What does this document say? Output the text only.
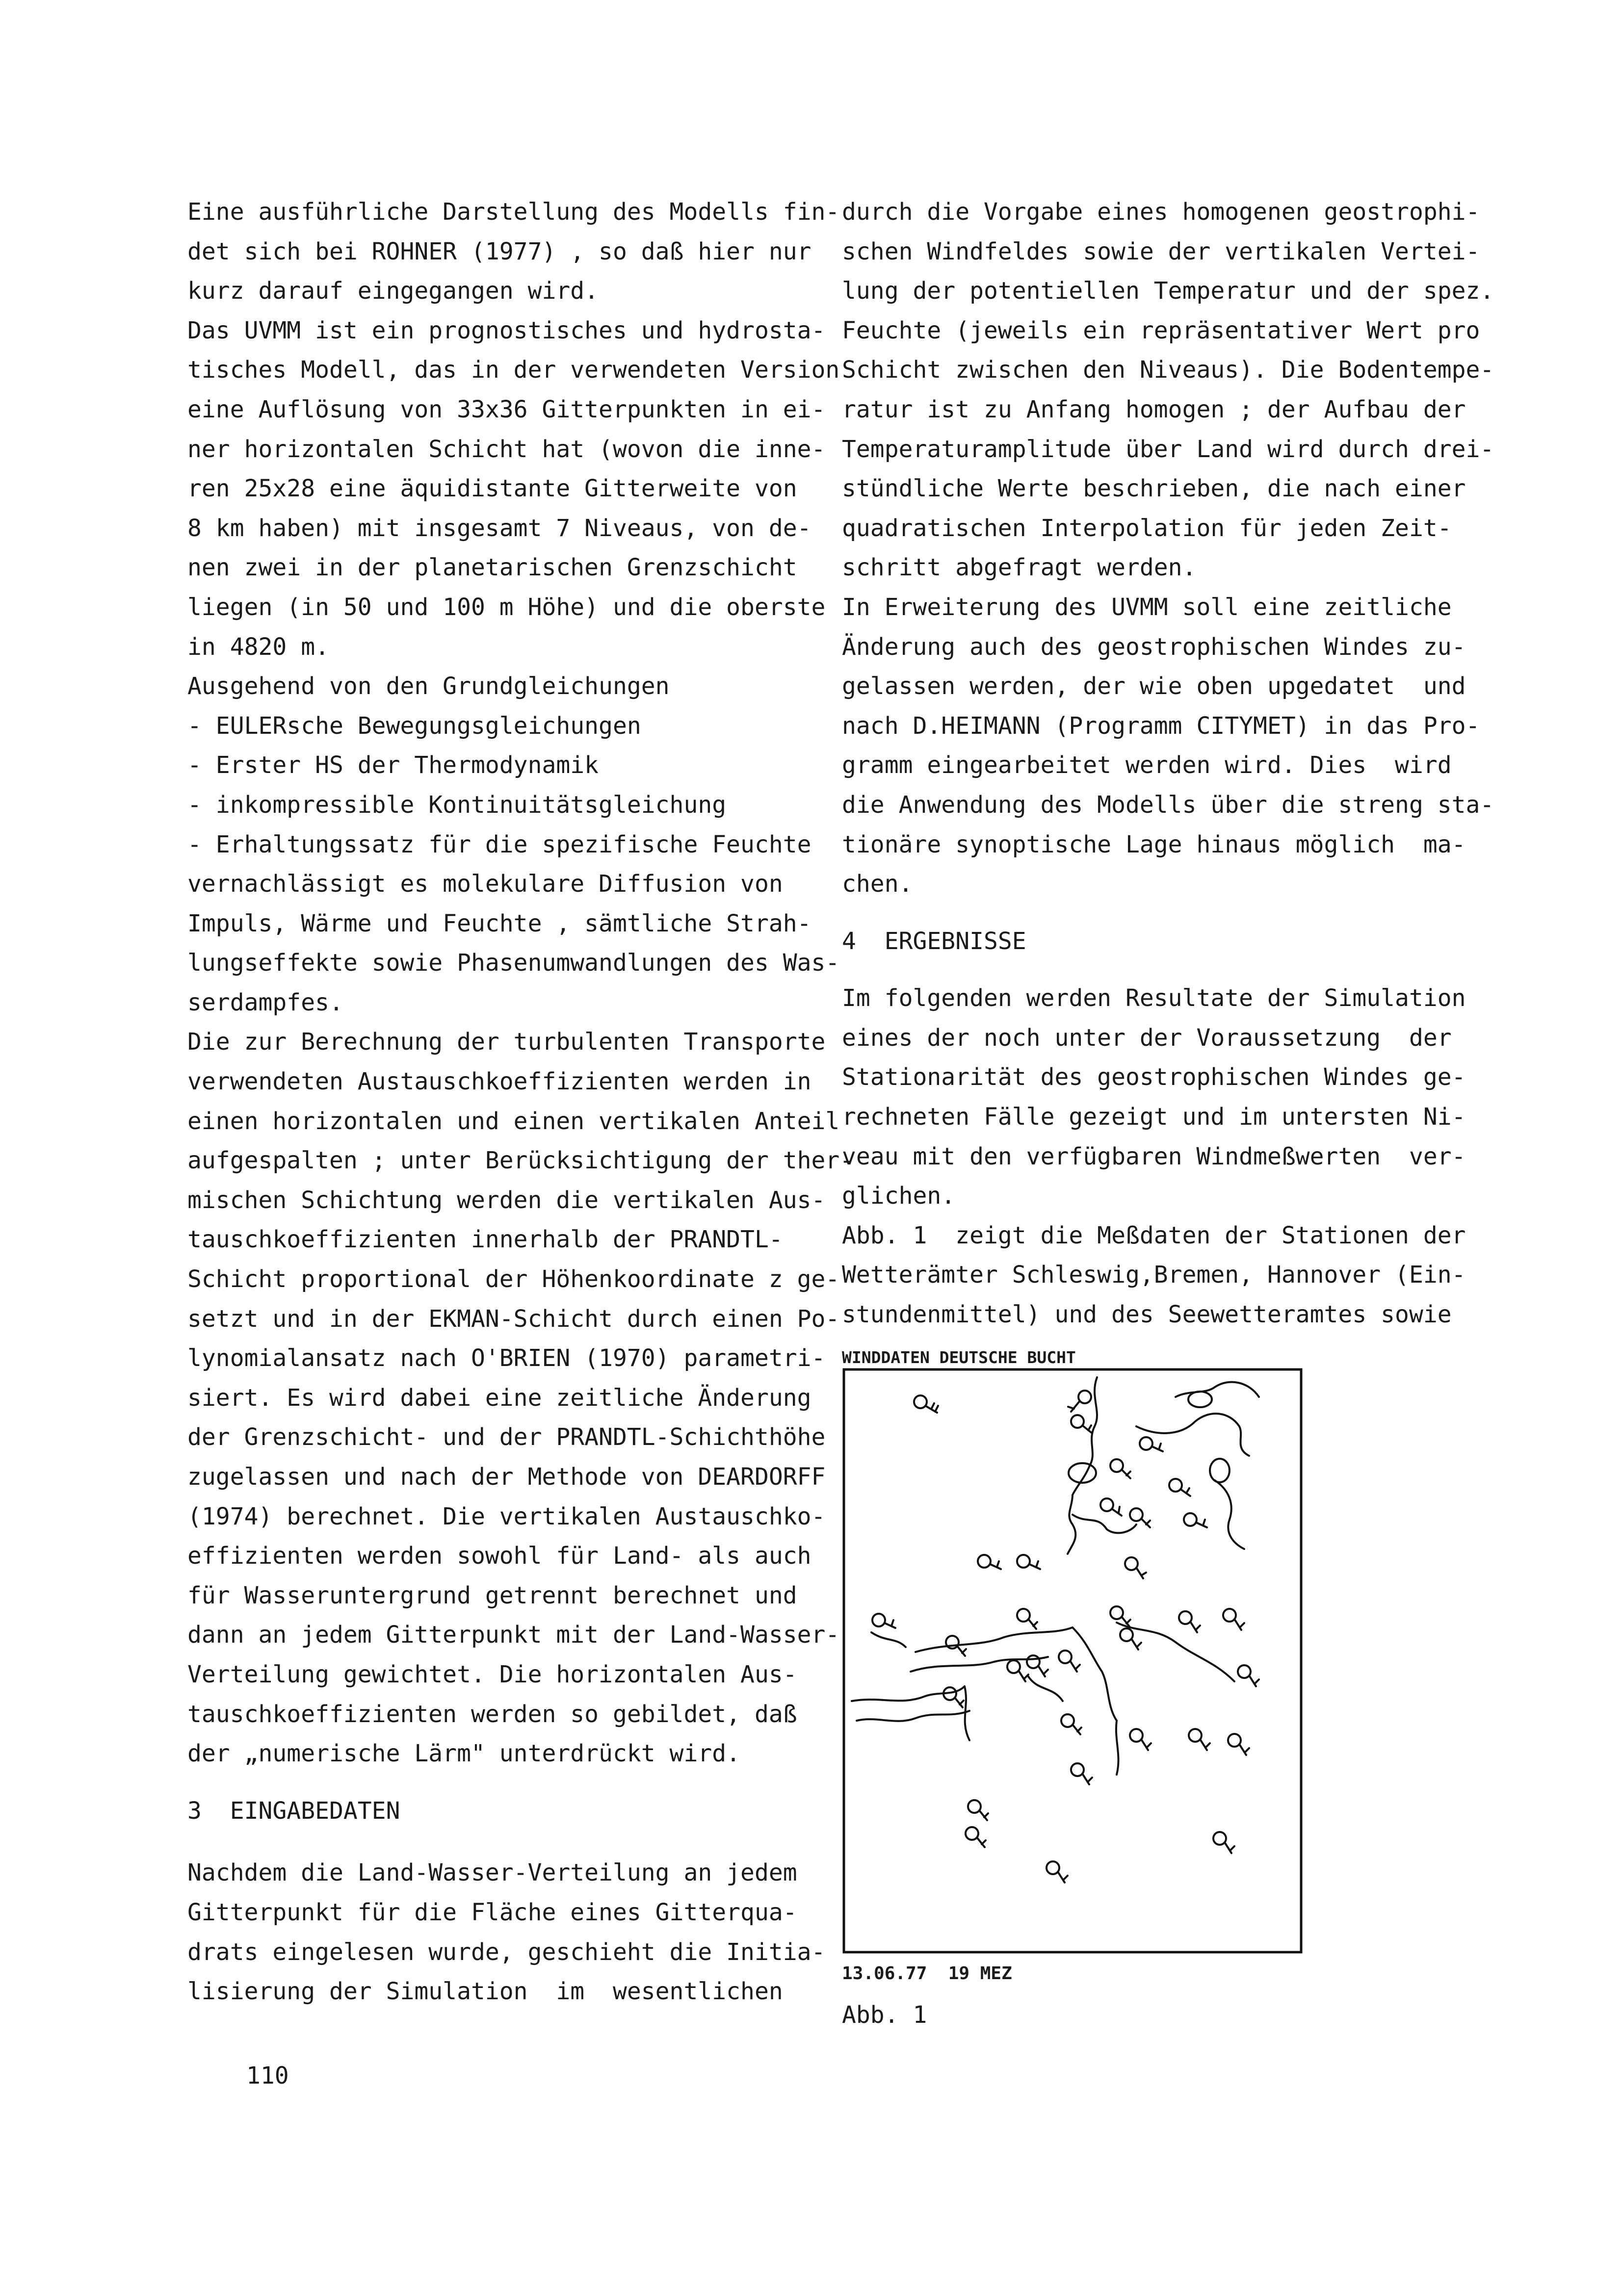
Eine ausführliche Darstellung des Modells fin-
det sich bei ROHNER (1977) , so daß hier nur
kurz darauf eingegangen wird.
Das UVMM ist ein prognostisches und hydrosta-
tisches Modell, das in der verwendeten Version
eine Auflösung von 33x36 Gitterpunkten in ei-
ner horizontalen Schicht hat (wovon die inne-
ren 25x28 eine äquidistante Gitterweite von
8 km haben) mit insgesamt 7 Niveaus, von de-
nen zwei in der planetarischen Grenzschicht
liegen (in 50 und 100 m Höhe) und die oberste
in 4820 m.
Ausgehend von den Grundgleichungen
- EULERsche Bewegungsgleichungen
- Erster HS der Thermodynamik
- inkompressible Kontinuitätsgleichung
- Erhaltungssatz für die spezifische Feuchte
vernachlässigt es molekulare Diffusion von
Impuls, Wärme und Feuchte , sämtliche Strah-
lungseffekte sowie Phasenumwandlungen des Was-
serdampfes.
Die zur Berechnung der turbulenten Transporte
verwendeten Austauschkoeffizienten werden in
einen horizontalen und einen vertikalen Anteil
aufgespalten ; unter Berücksichtigung der ther-
mischen Schichtung werden die vertikalen Aus-
tauschkoeffizienten innerhalb der PRANDTL-
Schicht proportional der Höhenkoordinate z ge-
setzt und in der EKMAN-Schicht durch einen Po-
lynomialansatz nach O'BRIEN (1970) parametri-
siert. Es wird dabei eine zeitliche Änderung
der Grenzschicht- und der PRANDTL-Schichthöhe
zugelassen und nach der Methode von DEARDORFF
(1974) berechnet. Die vertikalen Austauschko-
effizienten werden sowohl für Land- als auch
für Wasseruntergrund getrennt berechnet und
dann an jedem Gitterpunkt mit der Land-Wasser-
Verteilung gewichtet. Die horizontalen Aus-
tauschkoeffizienten werden so gebildet, daß
der „numerische Lärm" unterdrückt wird.
3  EINGABEDATEN
Nachdem die Land-Wasser-Verteilung an jedem
Gitterpunkt für die Fläche eines Gitterqua-
drats eingelesen wurde, geschieht die Initia-
lisierung der Simulation  im  wesentlichen
durch die Vorgabe eines homogenen geostrophi-
schen Windfeldes sowie der vertikalen Vertei-
lung der potentiellen Temperatur und der spez.
Feuchte (jeweils ein repräsentativer Wert pro
Schicht zwischen den Niveaus). Die Bodentempe-
ratur ist zu Anfang homogen ; der Aufbau der
Temperaturamplitude über Land wird durch drei-
stündliche Werte beschrieben, die nach einer
quadratischen Interpolation für jeden Zeit-
schritt abgefragt werden.
In Erweiterung des UVMM soll eine zeitliche
Änderung auch des geostrophischen Windes zu-
gelassen werden, der wie oben upgedatet  und
nach D.HEIMANN (Programm CITYMET) in das Pro-
gramm eingearbeitet werden wird. Dies  wird
die Anwendung des Modells über die streng sta-
tionäre synoptische Lage hinaus möglich  ma-
chen.
4  ERGEBNISSE
Im folgenden werden Resultate der Simulation
eines der noch unter der Voraussetzung  der
Stationarität des geostrophischen Windes ge-
rechneten Fälle gezeigt und im untersten Ni-
veau mit den verfügbaren Windmeßwerten  ver-
glichen.
Abb. 1  zeigt die Meßdaten der Stationen der
Wetterämter Schleswig,Bremen, Hannover (Ein-
stundenmittel) und des Seewetteramtes sowie
WINDDATEN DEUTSCHE BUCHT
13.06.77  19 MEZ
Abb. 1
110
